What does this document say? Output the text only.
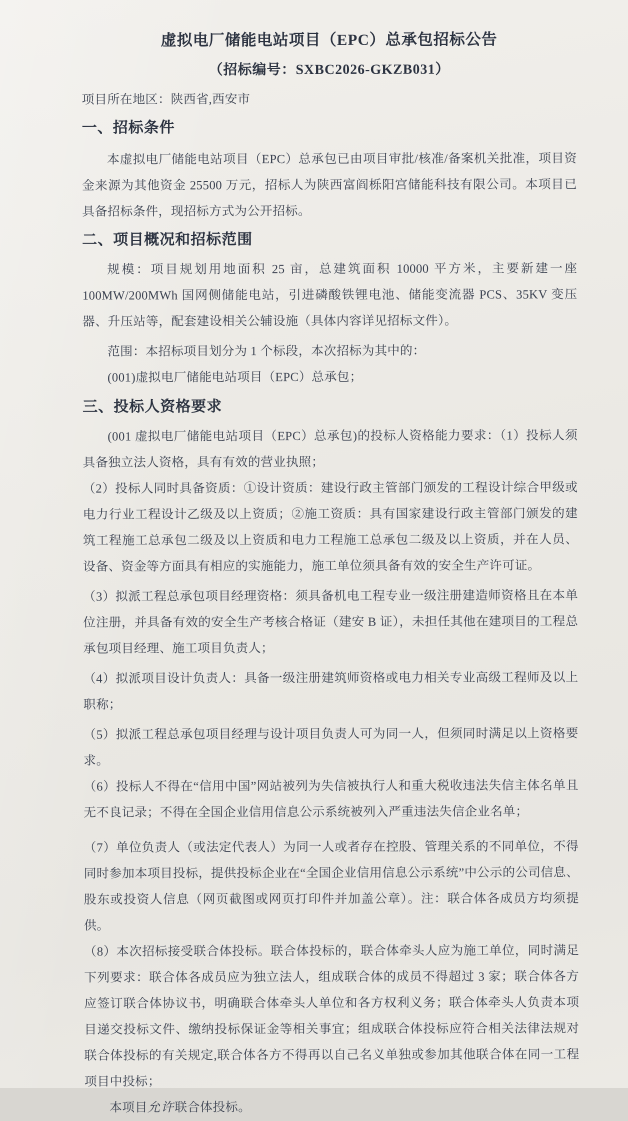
虚拟电厂储能电站项目（EPC）总承包招标公告
（招标编号：SXBC2026-GKZB031）

项目所在地区：陕西省,西安市

一、招标条件

本虚拟电厂储能电站项目（EPC）总承包已由项目审批/核准/备案机关批准，项目资金来源为其他资金 25500 万元，招标人为陕西富阎栎阳宫储能科技有限公司。本项目已具备招标条件，现招标方式为公开招标。

二、项目概况和招标范围

规模：项目规划用地面积 25 亩，总建筑面积 10000 平方米，主要新建一座 100MW/200MWh 国网侧储能电站，引进磷酸铁锂电池、储能变流器 PCS、35KV 变压器、升压站等，配套建设相关公辅设施（具体内容详见招标文件）。

范围：本招标项目划分为 1 个标段，本次招标为其中的：

(001)虚拟电厂储能电站项目（EPC）总承包；

三、投标人资格要求

(001 虚拟电厂储能电站项目（EPC）总承包)的投标人资格能力要求：（1）投标人须具备独立法人资格，具有有效的营业执照；

（2）投标人同时具备资质：①设计资质：建设行政主管部门颁发的工程设计综合甲级或电力行业工程设计乙级及以上资质；②施工资质：具有国家建设行政主管部门颁发的建筑工程施工总承包二级及以上资质和电力工程施工总承包二级及以上资质，并在人员、设备、资金等方面具有相应的实施能力，施工单位须具备有效的安全生产许可证。

（3）拟派工程总承包项目经理资格：须具备机电工程专业一级注册建造师资格且在本单位注册，并具备有效的安全生产考核合格证（建安 B 证），未担任其他在建项目的工程总承包项目经理、施工项目负责人；

（4）拟派项目设计负责人：具备一级注册建筑师资格或电力相关专业高级工程师及以上职称；

（5）拟派工程总承包项目经理与设计项目负责人可为同一人，但须同时满足以上资格要求。

（6）投标人不得在“信用中国”网站被列为失信被执行人和重大税收违法失信主体名单且无不良记录；不得在全国企业信用信息公示系统被列入严重违法失信企业名单；

（7）单位负责人（或法定代表人）为同一人或者存在控股、管理关系的不同单位，不得同时参加本项目投标，提供投标企业在“全国企业信用信息公示系统”中公示的公司信息、股东或投资人信息（网页截图或网页打印件并加盖公章）。注：联合体各成员方均须提供。

（8）本次招标接受联合体投标。联合体投标的，联合体牵头人应为施工单位，同时满足下列要求：联合体各成员应为独立法人，组成联合体的成员不得超过 3 家；联合体各方应签订联合体协议书，明确联合体牵头人单位和各方权利义务；联合体牵头人负责本项目递交投标文件、缴纳投标保证金等相关事宜；组成联合体投标应符合相关法律法规对联合体投标的有关规定,联合体各方不得再以自己名义单独或参加其他联合体在同一工程项目中投标；

本项目允许联合体投标。
